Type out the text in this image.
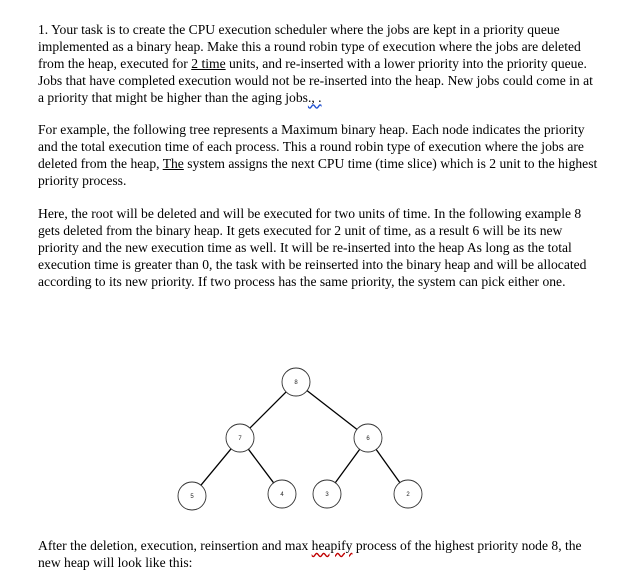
1. Your task is to create the CPU execution scheduler where the jobs are kept in a priority queue implemented as a binary heap. Make this a round robin type of execution where the jobs are deleted from the heap, executed for 2 time units, and re-inserted with a lower priority into the priority queue. Jobs that have completed execution would not be re-inserted into the heap. New jobs could come in at a priority that might be higher than the aging jobs., .

For example, the following tree represents a Maximum binary heap. Each node indicates the priority and the total execution time of each process. This a round robin type of execution where the jobs are deleted from the heap, The system assigns the next CPU time (time slice) which is 2 unit to the highest priority process.

Here, the root will be deleted and will be executed for two units of time. In the following example 8 gets deleted from the binary heap. It gets executed for 2 unit of time, as a result 6 will be its new priority and the new execution time as well. It will be re-inserted into the heap As long as the total execution time is greater than 0, the task with be reinserted into the binary heap and will be allocated according to its new priority. If two process has the same priority, the system can pick either one.

8
7	6
5	4	3	2

After the deletion, execution, reinsertion and max heapify process of the highest priority node 8, the new heap will look like this:
